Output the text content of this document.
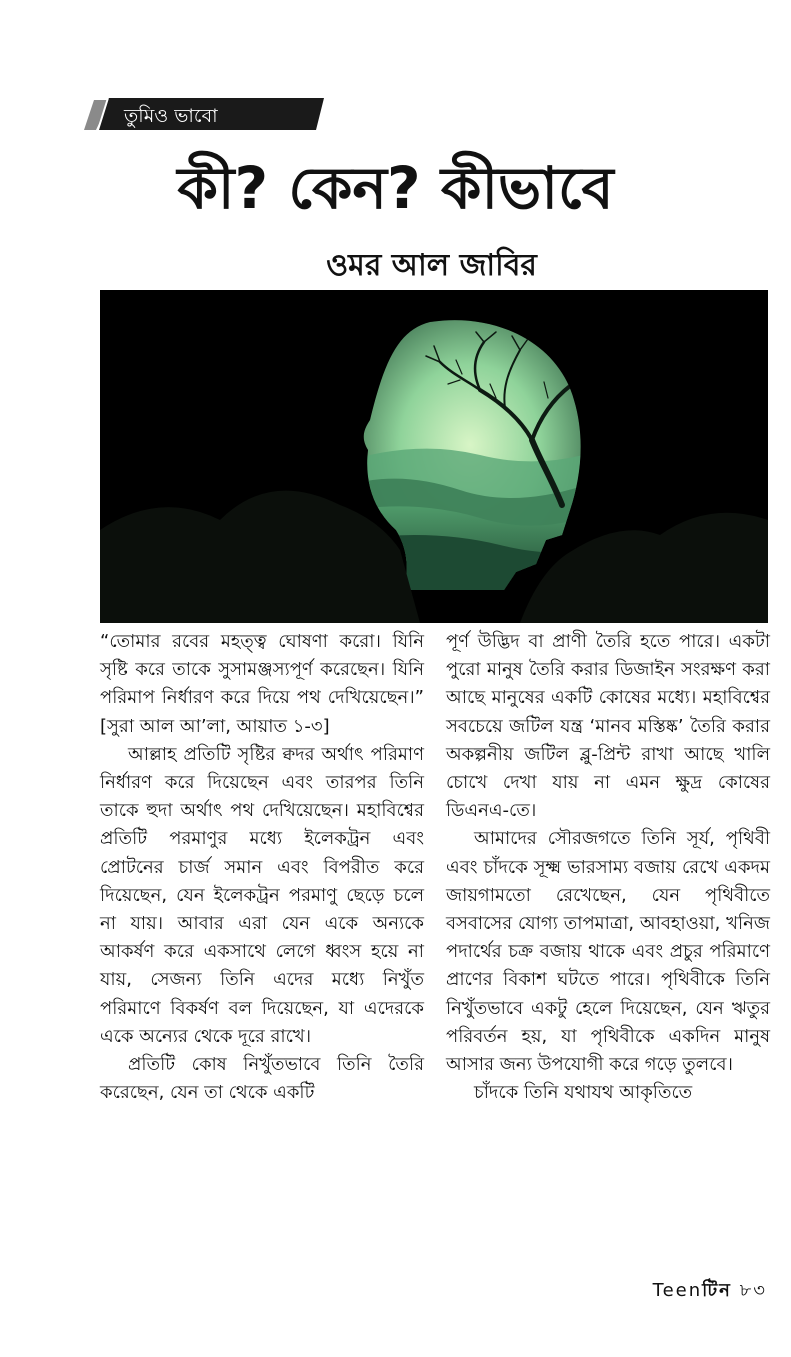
তুমিও ভাবো
কী? কেন? কীভাবে
ওমর আল জাবির

“তোমার রবের মহত্ত্ব ঘোষণা করো। যিনি সৃষ্টি করে তাকে সুসামঞ্জস্যপূর্ণ করেছেন। যিনি পরিমাপ নির্ধারণ করে দিয়ে পথ দেখিয়েছেন।” [সুরা আল আ’লা, আয়াত ১-৩]

আল্লাহ প্রতিটি সৃষ্টির ক্বদর অর্থাৎ পরিমাণ নির্ধারণ করে দিয়েছেন এবং তারপর তিনি তাকে হুদা অর্থাৎ পথ দেখিয়েছেন। মহাবিশ্বের প্রতিটি পরমাণুর মধ্যে ইলেকট্রন এবং প্রোটনের চার্জ সমান এবং বিপরীত করে দিয়েছেন, যেন ইলেকট্রন পরমাণু ছেড়ে চলে না যায়। আবার এরা যেন একে অন্যকে আকর্ষণ করে একসাথে লেগে ধ্বংস হয়ে না যায়, সেজন্য তিনি এদের মধ্যে নিখুঁত পরিমাণে বিকর্ষণ বল দিয়েছেন, যা এদেরকে একে অন্যের থেকে দূরে রাখে।

প্রতিটি কোষ নিখুঁতভাবে তিনি তৈরি করেছেন, যেন তা থেকে একটি

পূর্ণ উদ্ভিদ বা প্রাণী তৈরি হতে পারে। একটা পুরো মানুষ তৈরি করার ডিজাইন সংরক্ষণ করা আছে মানুষের একটি কোষের মধ্যে। মহাবিশ্বের সবচেয়ে জটিল যন্ত্র ‘মানব মস্তিষ্ক’ তৈরি করার অকল্পনীয় জটিল ব্লু-প্রিন্ট রাখা আছে খালি চোখে দেখা যায় না এমন ক্ষুদ্র কোষের ডিএনএ-তে।

আমাদের সৌরজগতে তিনি সূর্য, পৃথিবী এবং চাঁদকে সূক্ষ্ম ভারসাম্য বজায় রেখে একদম জায়গামতো রেখেছেন, যেন পৃথিবীতে বসবাসের যোগ্য তাপমাত্রা, আবহাওয়া, খনিজ পদার্থের চক্র বজায় থাকে এবং প্রচুর পরিমাণে প্রাণের বিকাশ ঘটতে পারে। পৃথিবীকে তিনি নিখুঁতভাবে একটু হেলে দিয়েছেন, যেন ঋতুর পরিবর্তন হয়, যা পৃথিবীকে একদিন মানুষ আসার জন্য উপযোগী করে গড়ে তুলবে।

চাঁদকে তিনি যথাযথ আকৃতিতে

Teenটিন ৮৩
